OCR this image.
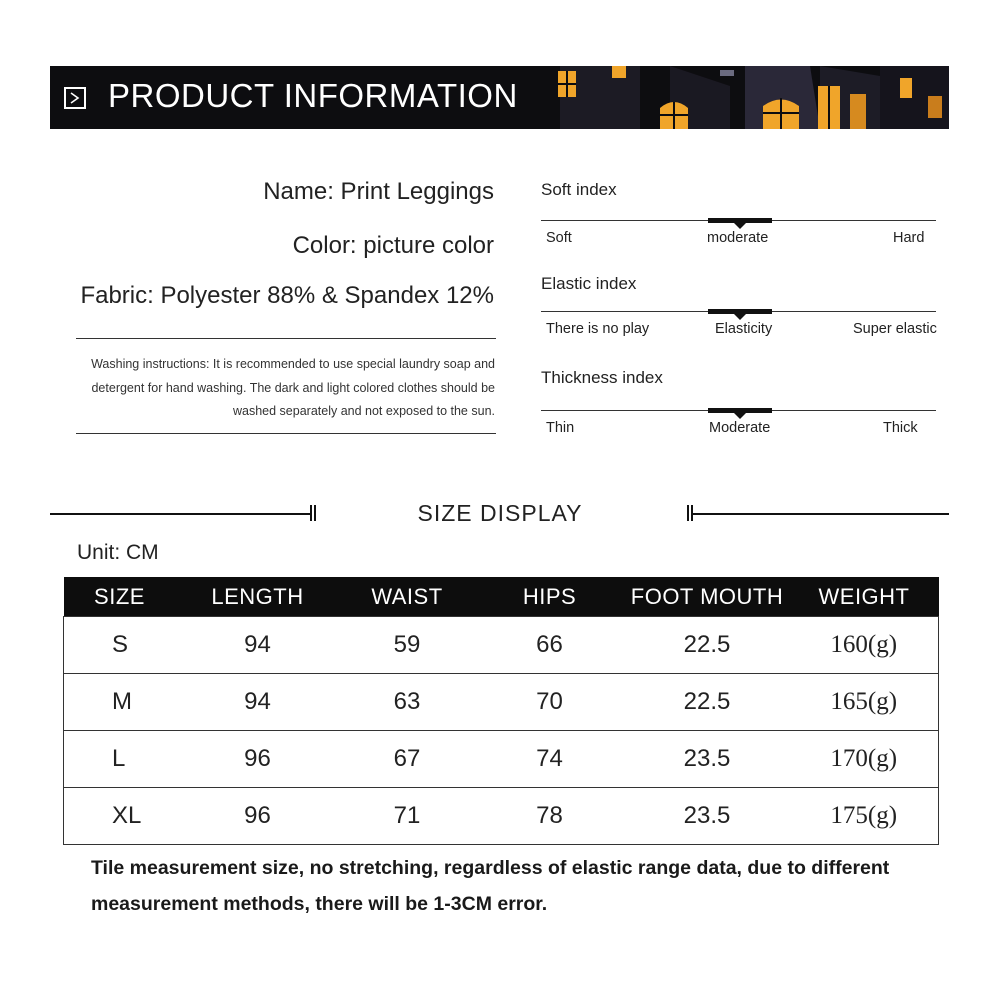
PRODUCT INFORMATION
Name: Print Leggings
Color: picture color
Fabric: Polyester 88% & Spandex 12%
Washing instructions: It is recommended to use special laundry soap and detergent for hand washing. The dark and light colored clothes should be washed separately and not exposed to the sun.
Soft index
Soft	moderate	Hard
Elastic index
There is no play	Elasticity	Super elastic
Thickness index
Thin	Moderate	Thick
SIZE DISPLAY
Unit: CM
SIZE	LENGTH	WAIST	HIPS	FOOT MOUTH	WEIGHT
S	94	59	66	22.5	160(g)
M	94	63	70	22.5	165(g)
L	96	67	74	23.5	170(g)
XL	96	71	78	23.5	175(g)
Tile measurement size, no stretching, regardless of elastic range data, due to different measurement methods, there will be 1-3CM error.
